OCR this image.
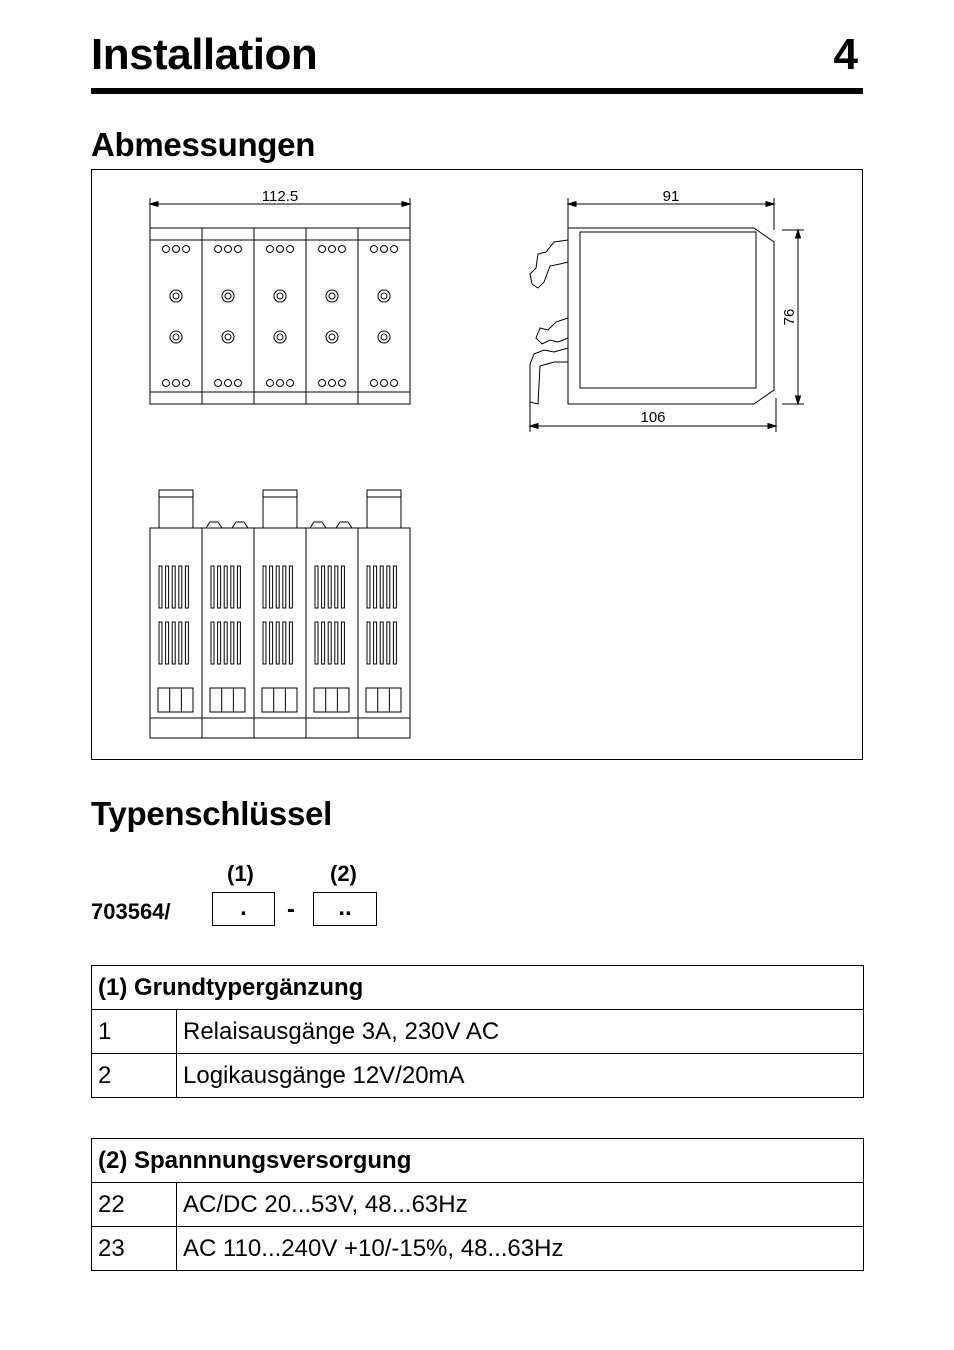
Installation	4
Abmessungen
112.5	91
76
106
Typenschlüssel
(1)	(2)
703564/	.	-	..
(1) Grundtypergänzung	
1	Relaisausgänge 3A, 230V AC
2	Logikausgänge 12V/20mA
(2) Spannnungsversorgung	
22	AC/DC 20...53V, 48...63Hz
23	AC 110...240V +10/-15%, 48...63Hz
